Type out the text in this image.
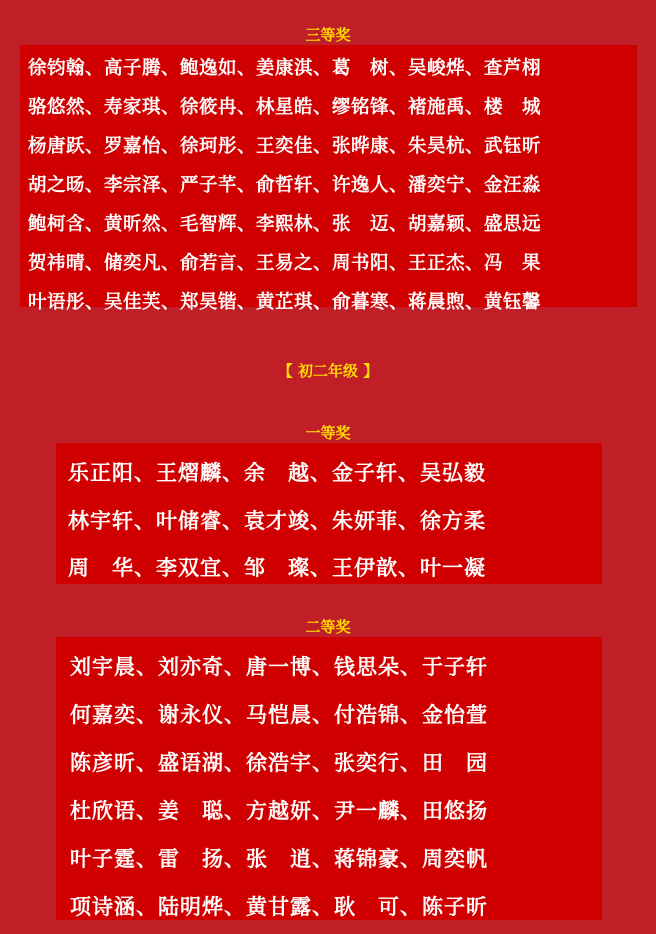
三等奖
徐钧翰、高子腾、鲍逸如、姜康淇、葛　树、吴峻烨、查芦栩
骆悠然、寿家琪、徐筱冉、林星皓、缪铭锋、褚施禹、楼　城
杨唐跃、罗嘉怡、徐珂彤、王奕佳、张晔康、朱昊杭、武钰昕
胡之旸、李宗泽、严子芊、俞哲轩、许逸人、潘奕宁、金汪淼
鲍柯含、黄昕然、毛智辉、李熙林、张　迈、胡嘉颖、盛思远
贺祎晴、储奕凡、俞若言、王易之、周书阳、王正杰、冯　果
叶语彤、吴佳芙、郑昊锴、黄芷琪、俞暮寒、蒋晨煦、黄钰馨
【 初二年级 】
一等奖
乐正阳、王熠麟、余　越、金子轩、吴弘毅
林宇轩、叶储睿、袁才竣、朱妍菲、徐方柔
周　华、李双宜、邹　璨、王伊歆、叶一凝
二等奖
刘宇晨、刘亦奇、唐一博、钱思朵、于子轩
何嘉奕、谢永仪、马恺晨、付浩锦、金怡萱
陈彦昕、盛语湖、徐浩宇、张奕行、田　园
杜欣语、姜　聪、方越妍、尹一麟、田悠扬
叶子霆、雷　扬、张　逍、蒋锦豪、周奕帆
项诗涵、陆明烨、黄甘露、耿　可、陈子昕
